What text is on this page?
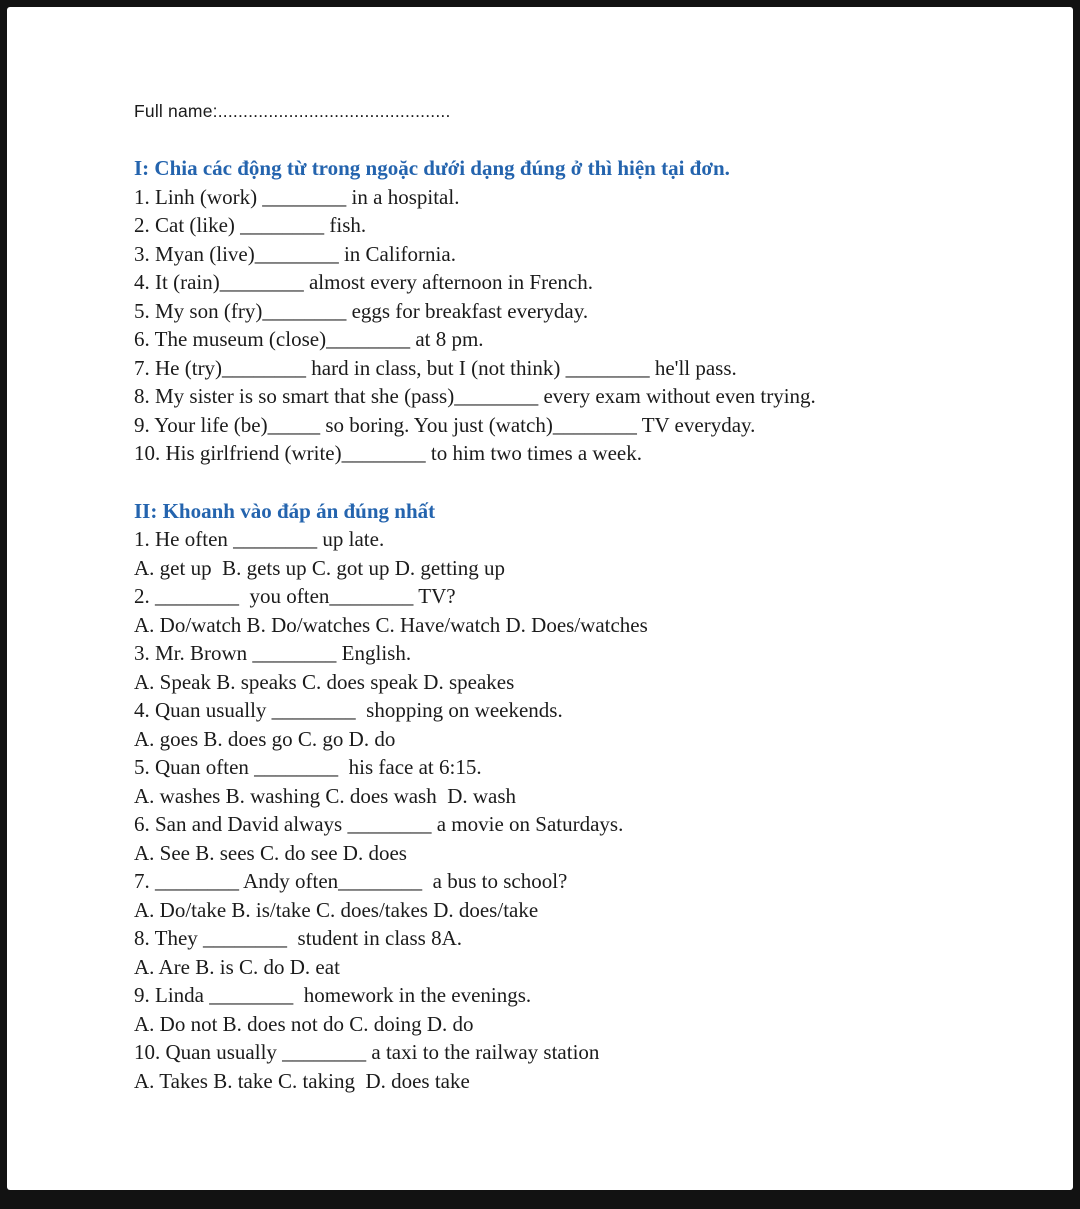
Full name:..............................................

I: Chia các động từ trong ngoặc dưới dạng đúng ở thì hiện tại đơn.

1. Linh (work) ________ in a hospital.

2. Cat (like) ________ fish.

3. Myan (live)________ in California.

4. It (rain)________ almost every afternoon in French.

5. My son (fry)________ eggs for breakfast everyday.

6. The museum (close)________ at 8 pm.

7. He (try)________ hard in class, but I (not think) ________ he'll pass.

8. My sister is so smart that she (pass)________ every exam without even trying.

9. Your life (be)_____ so boring. You just (watch)________ TV everyday.

10. His girlfriend (write)________ to him two times a week.

II: Khoanh vào đáp án đúng nhất

1. He often ________ up late.

A. get up  B. gets up C. got up D. getting up

2. ________  you often________ TV?

A. Do/watch B. Do/watches C. Have/watch D. Does/watches

3. Mr. Brown ________ English.

A. Speak B. speaks C. does speak D. speakes

4. Quan usually ________  shopping on weekends.

A. goes B. does go C. go D. do

5. Quan often ________  his face at 6:15.

A. washes B. washing C. does wash  D. wash

6. San and David always ________ a movie on Saturdays.

A. See B. sees C. do see D. does

7. ________ Andy often________  a bus to school?

A. Do/take B. is/take C. does/takes D. does/take

8. They ________  student in class 8A.

A. Are B. is C. do D. eat

9. Linda ________  homework in the evenings.

A. Do not B. does not do C. doing D. do

10. Quan usually ________ a taxi to the railway station

A. Takes B. take C. taking  D. does take
